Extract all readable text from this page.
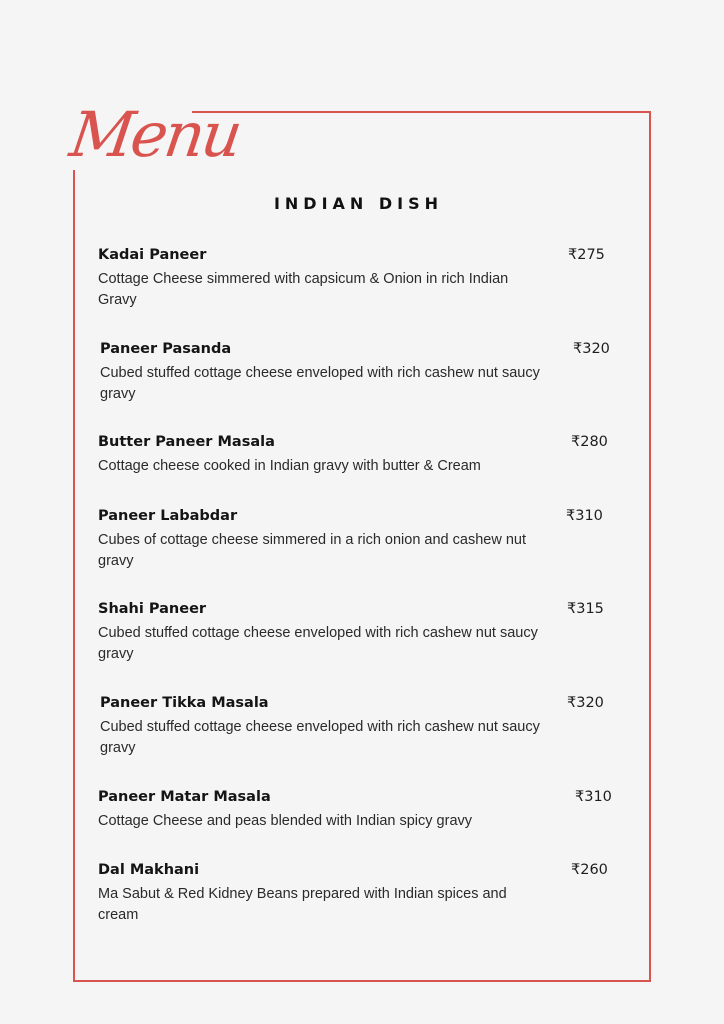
Menu
INDIAN DISH
Kadai Paneer
Cottage Cheese simmered with capsicum & Onion in rich Indian Gravy
₹275
Paneer Pasanda
Cubed stuffed cottage cheese enveloped with rich cashew nut saucy gravy
₹320
Butter Paneer Masala
Cottage cheese cooked in Indian gravy with butter & Cream
₹280
Paneer Lababdar
Cubes of cottage cheese simmered in a rich onion and cashew nut gravy
₹310
Shahi Paneer
Cubed stuffed cottage cheese enveloped with rich cashew nut saucy gravy
₹315
Paneer Tikka Masala
Cubed stuffed cottage cheese enveloped with rich cashew nut saucy gravy
₹320
Paneer Matar Masala
Cottage Cheese and peas blended with Indian spicy gravy
₹310
Dal Makhani
Ma Sabut & Red Kidney Beans prepared with Indian spices and cream
₹260
